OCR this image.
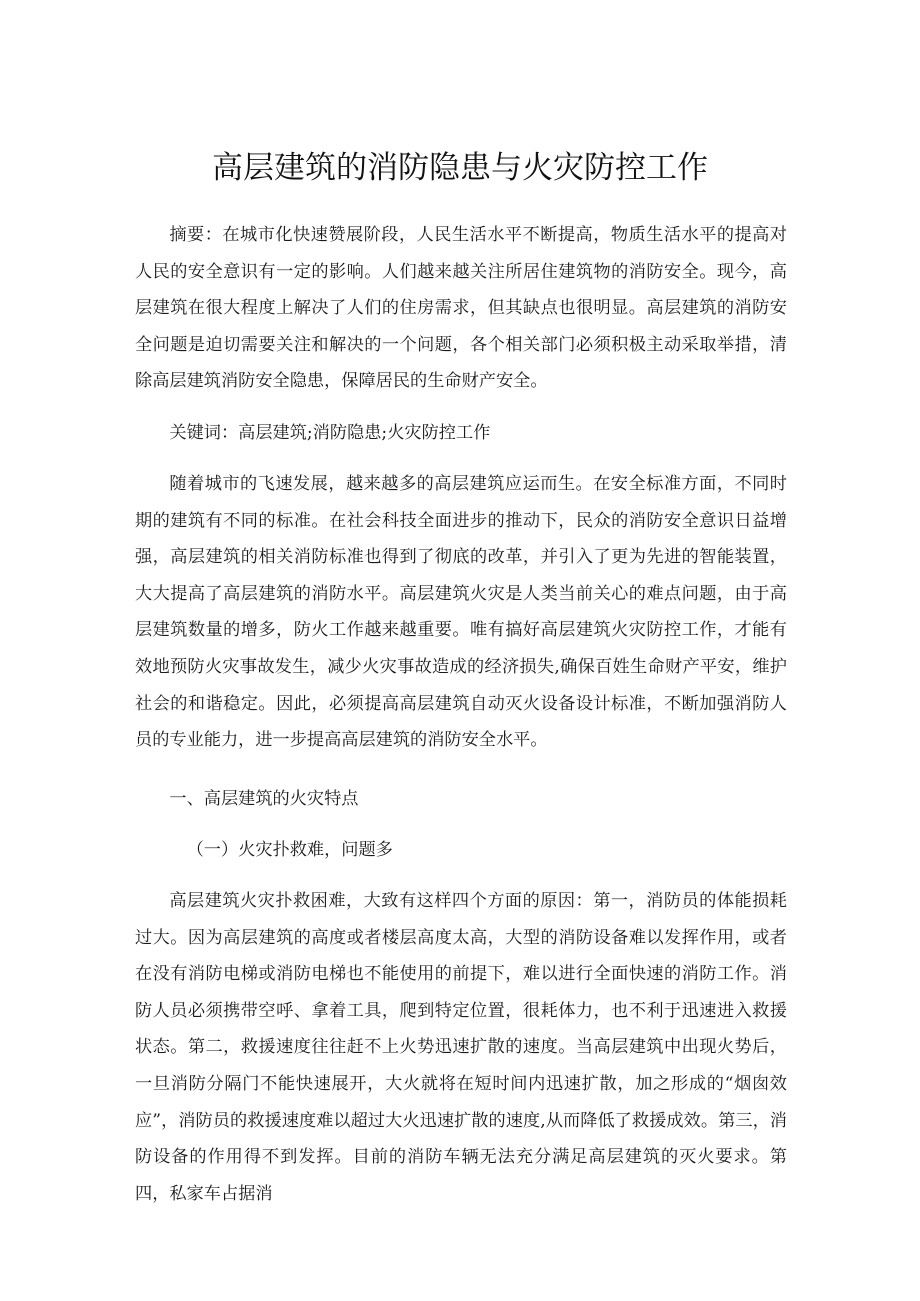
高层建筑的消防隐患与火灾防控工作

摘要：在城市化快速赞展阶段，人民生活水平不断提高，物质生活水平的提高对人民的安全意识有一定的影响。人们越来越关注所居住建筑物的消防安全。现今，高层建筑在很大程度上解决了人们的住房需求，但其缺点也很明显。高层建筑的消防安全问题是迫切需要关注和解决的一个问题，各个相关部门必须积极主动采取举措，清除高层建筑消防安全隐患，保障居民的生命财产安全。

关键词：高层建筑;消防隐患;火灾防控工作

随着城市的飞速发展，越来越多的高层建筑应运而生。在安全标准方面，不同时期的建筑有不同的标准。在社会科技全面进步的推动下，民众的消防安全意识日益增强，高层建筑的相关消防标准也得到了彻底的改革，并引入了更为先进的智能装置，大大提高了高层建筑的消防水平。高层建筑火灾是人类当前关心的难点问题，由于高层建筑数量的增多，防火工作越来越重要。唯有搞好高层建筑火灾防控工作，才能有效地预防火灾事故发生，减少火灾事故造成的经济损失,确保百姓生命财产平安，维护社会的和谐稳定。因此，必须提高高层建筑自动灭火设备设计标准，不断加强消防人员的专业能力，进一步提高高层建筑的消防安全水平。

一、高层建筑的火灾特点

（一）火灾扑救难，问题多

高层建筑火灾扑救困难，大致有这样四个方面的原因：第一，消防员的体能损耗过大。因为高层建筑的高度或者楼层高度太高，大型的消防设备难以发挥作用，或者在没有消防电梯或消防电梯也不能使用的前提下，难以进行全面快速的消防工作。消防人员必须携带空呼、拿着工具，爬到特定位置，很耗体力，也不利于迅速进入救援状态。第二，救援速度往往赶不上火势迅速扩散的速度。当高层建筑中出现火势后，一旦消防分隔门不能快速展开，大火就将在短时间内迅速扩散，加之形成的“烟囱效应”，消防员的救援速度难以超过大火迅速扩散的速度,从而降低了救援成效。第三，消防设备的作用得不到发挥。目前的消防车辆无法充分满足高层建筑的灭火要求。第四，私家车占据消
